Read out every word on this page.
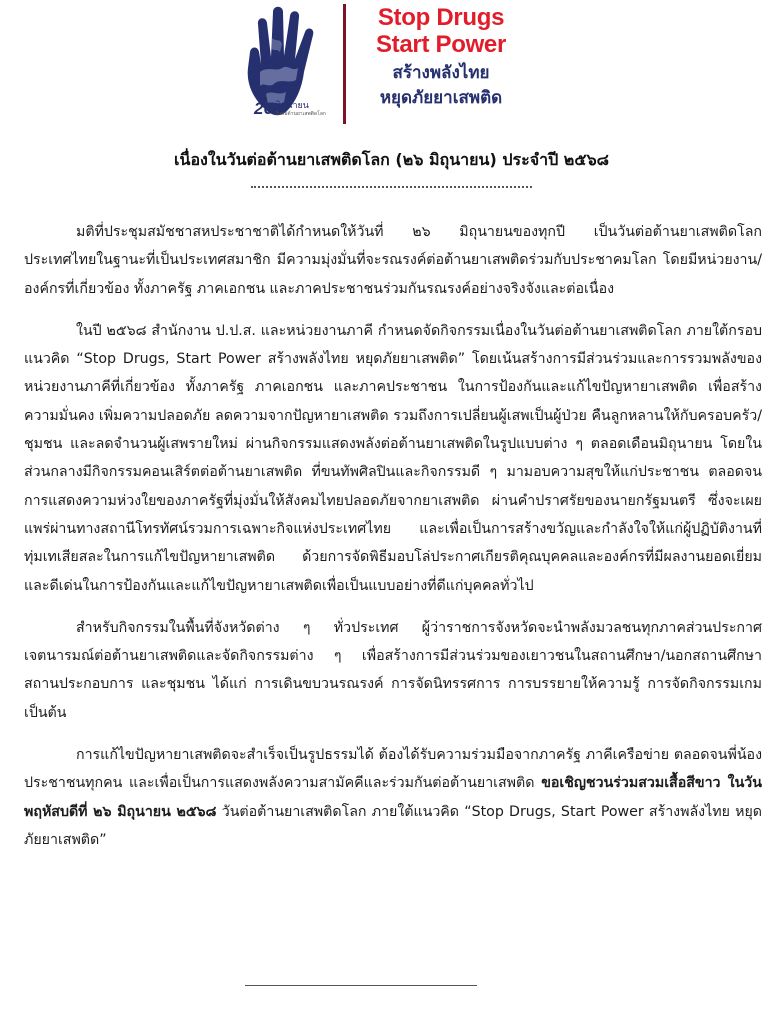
26 มิถุนายน
วันต่อต้านยาเสพติดโลก
Stop Drugs
Start Power
สร้างพลังไทย
หยุดภัยยาเสพติด
เนื่องในวันต่อต้านยาเสพติดโลก (๒๖ มิถุนายน) ประจำปี ๒๕๖๘

มติที่ประชุมสมัชชาสหประชาชาติได้กำหนดให้วันที่ ๒๖ มิถุนายนของทุกปี เป็นวันต่อต้านยาเสพติดโลก ประเทศไทยในฐานะที่เป็นประเทศสมาชิก มีความมุ่งมั่นที่จะรณรงค์ต่อต้านยาเสพติดร่วมกับประชาคมโลก โดยมีหน่วยงาน/องค์กรที่เกี่ยวข้อง ทั้งภาครัฐ ภาคเอกชน และภาคประชาชนร่วมกันรณรงค์อย่างจริงจังและต่อเนื่อง

ในปี ๒๕๖๘ สำนักงาน ป.ป.ส. และหน่วยงานภาคี กำหนดจัดกิจกรรมเนื่องในวันต่อต้านยาเสพติดโลก ภายใต้กรอบแนวคิด “Stop Drugs, Start Power สร้างพลังไทย หยุดภัยยาเสพติด” โดยเน้นสร้างการมีส่วนร่วมและการรวมพลังของหน่วยงานภาคีที่เกี่ยวข้อง ทั้งภาครัฐ ภาคเอกชน และภาคประชาชน ในการป้องกันและแก้ไขปัญหายาเสพติด เพื่อสร้างความมั่นคง เพิ่มความปลอดภัย ลดความจากปัญหายาเสพติด รวมถึงการเปลี่ยนผู้เสพเป็นผู้ป่วย คืนลูกหลานให้กับครอบครัว/ชุมชน และลดจำนวนผู้เสพรายใหม่ ผ่านกิจกรรมแสดงพลังต่อต้านยาเสพติดในรูปแบบต่าง ๆ ตลอดเดือนมิถุนายน โดยในส่วนกลางมีกิจกรรมคอนเสิร์ตต่อต้านยาเสพติด ที่ขนทัพศิลปินและกิจกรรมดี ๆ มามอบความสุขให้แก่ประชาชน ตลอดจนการแสดงความห่วงใยของภาครัฐที่มุ่งมั่นให้สังคมไทยปลอดภัยจากยาเสพติด ผ่านคำปราศรัยของนายกรัฐมนตรี ซึ่งจะเผยแพร่ผ่านทางสถานีโทรทัศน์รวมการเฉพาะกิจแห่งประเทศไทย และเพื่อเป็นการสร้างขวัญและกำลังใจให้แก่ผู้ปฏิบัติงานที่ทุ่มเทเสียสละในการแก้ไขปัญหายาเสพติด ด้วยการจัดพิธีมอบโล่ประกาศเกียรติคุณบุคคลและองค์กรที่มีผลงานยอดเยี่ยมและดีเด่นในการป้องกันและแก้ไขปัญหายาเสพติดเพื่อเป็นแบบอย่างที่ดีแก่บุคคลทั่วไป

สำหรับกิจกรรมในพื้นที่จังหวัดต่าง ๆ ทั่วประเทศ ผู้ว่าราชการจังหวัดจะนำพลังมวลชนทุกภาคส่วนประกาศเจตนารมณ์ต่อต้านยาเสพติดและจัดกิจกรรมต่าง ๆ เพื่อสร้างการมีส่วนร่วมของเยาวชนในสถานศึกษา/นอกสถานศึกษา สถานประกอบการ และชุมชน ได้แก่ การเดินขบวนรณรงค์ การจัดนิทรรศการ การบรรยายให้ความรู้ การจัดกิจกรรมเกม เป็นต้น

การแก้ไขปัญหายาเสพติดจะสำเร็จเป็นรูปธรรมได้ ต้องได้รับความร่วมมือจากภาครัฐ ภาคีเครือข่าย ตลอดจนพี่น้องประชาชนทุกคน และเพื่อเป็นการแสดงพลังความสามัคคีและร่วมกันต่อต้านยาเสพติด ขอเชิญชวนร่วมสวมเสื้อสีขาว ในวันพฤหัสบดีที่ ๒๖ มิถุนายน ๒๕๖๘ วันต่อต้านยาเสพติดโลก ภายใต้แนวคิด “Stop Drugs, Start Power สร้างพลังไทย หยุดภัยยาเสพติด”
